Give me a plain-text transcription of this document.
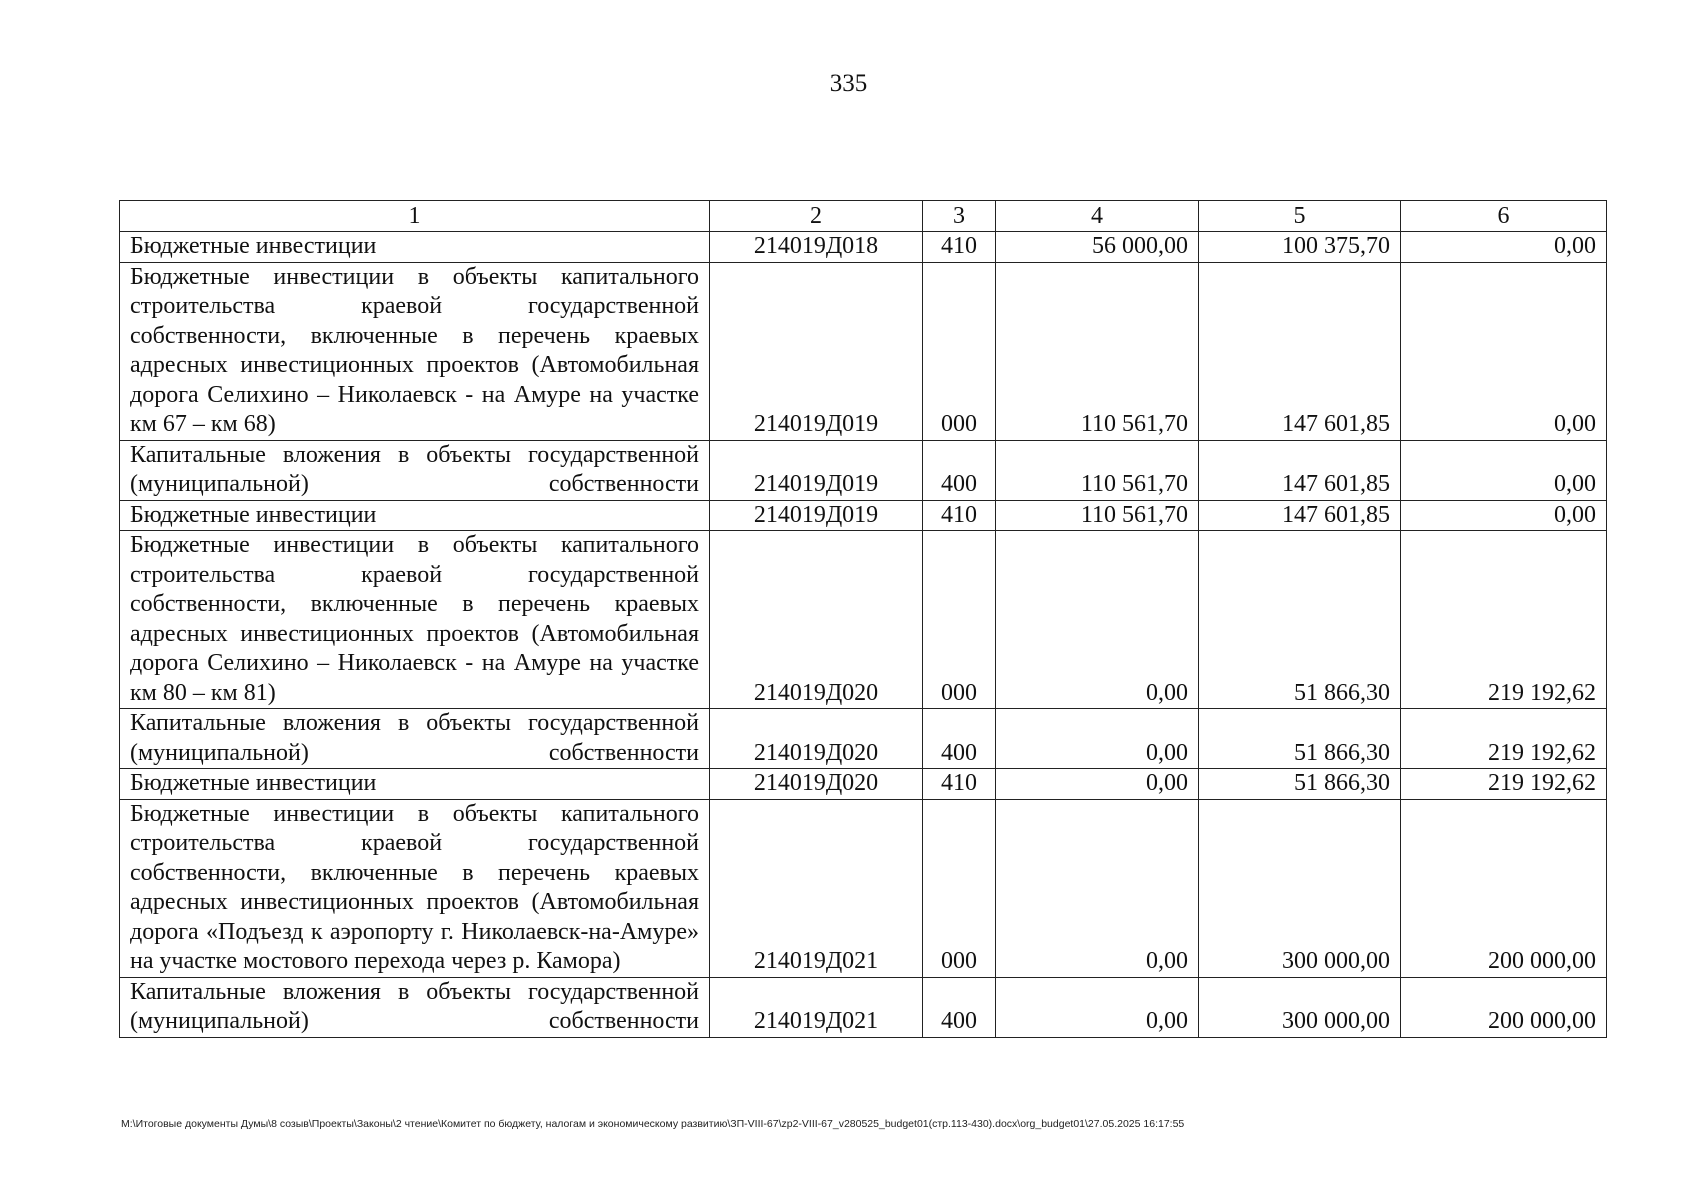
335
1	2	3	4	5	6
Бюджетные инвестиции	214019Д018	410	56 000,00	100 375,70	0,00
Бюджетные инвестиции в объекты капитального строительства краевой государственной собственности, включенные в перечень краевых адресных инвестиционных проектов (Автомобильная дорога Селихино – Николаевск - на Амуре на участке км 67 – км 68)	214019Д019	000	110 561,70	147 601,85	0,00
Капитальные вложения в объекты государственной (муниципальной) собственности	214019Д019	400	110 561,70	147 601,85	0,00
Бюджетные инвестиции	214019Д019	410	110 561,70	147 601,85	0,00
Бюджетные инвестиции в объекты капитального строительства краевой государственной собственности, включенные в перечень краевых адресных инвестиционных проектов (Автомобильная дорога Селихино – Николаевск - на Амуре на участке км 80 – км 81)	214019Д020	000	0,00	51 866,30	219 192,62
Капитальные вложения в объекты государственной (муниципальной) собственности	214019Д020	400	0,00	51 866,30	219 192,62
Бюджетные инвестиции	214019Д020	410	0,00	51 866,30	219 192,62
Бюджетные инвестиции в объекты капитального строительства краевой государственной собственности, включенные в перечень краевых адресных инвестиционных проектов (Автомобильная дорога «Подъезд к аэропорту г. Николаевск-на-Амуре» на участке мостового перехода через р. Камора)	214019Д021	000	0,00	300 000,00	200 000,00
Капитальные вложения в объекты государственной (муниципальной) собственности	214019Д021	400	0,00	300 000,00	200 000,00
M:\Итоговые документы Думы\8 созыв\Проекты\Законы\2 чтение\Комитет по бюджету, налогам и экономическому развитию\ЗП-VIII-67\zp2-VIII-67_v280525_budget01(стр.113-430).docx\org_budget01\27.05.2025 16:17:55
